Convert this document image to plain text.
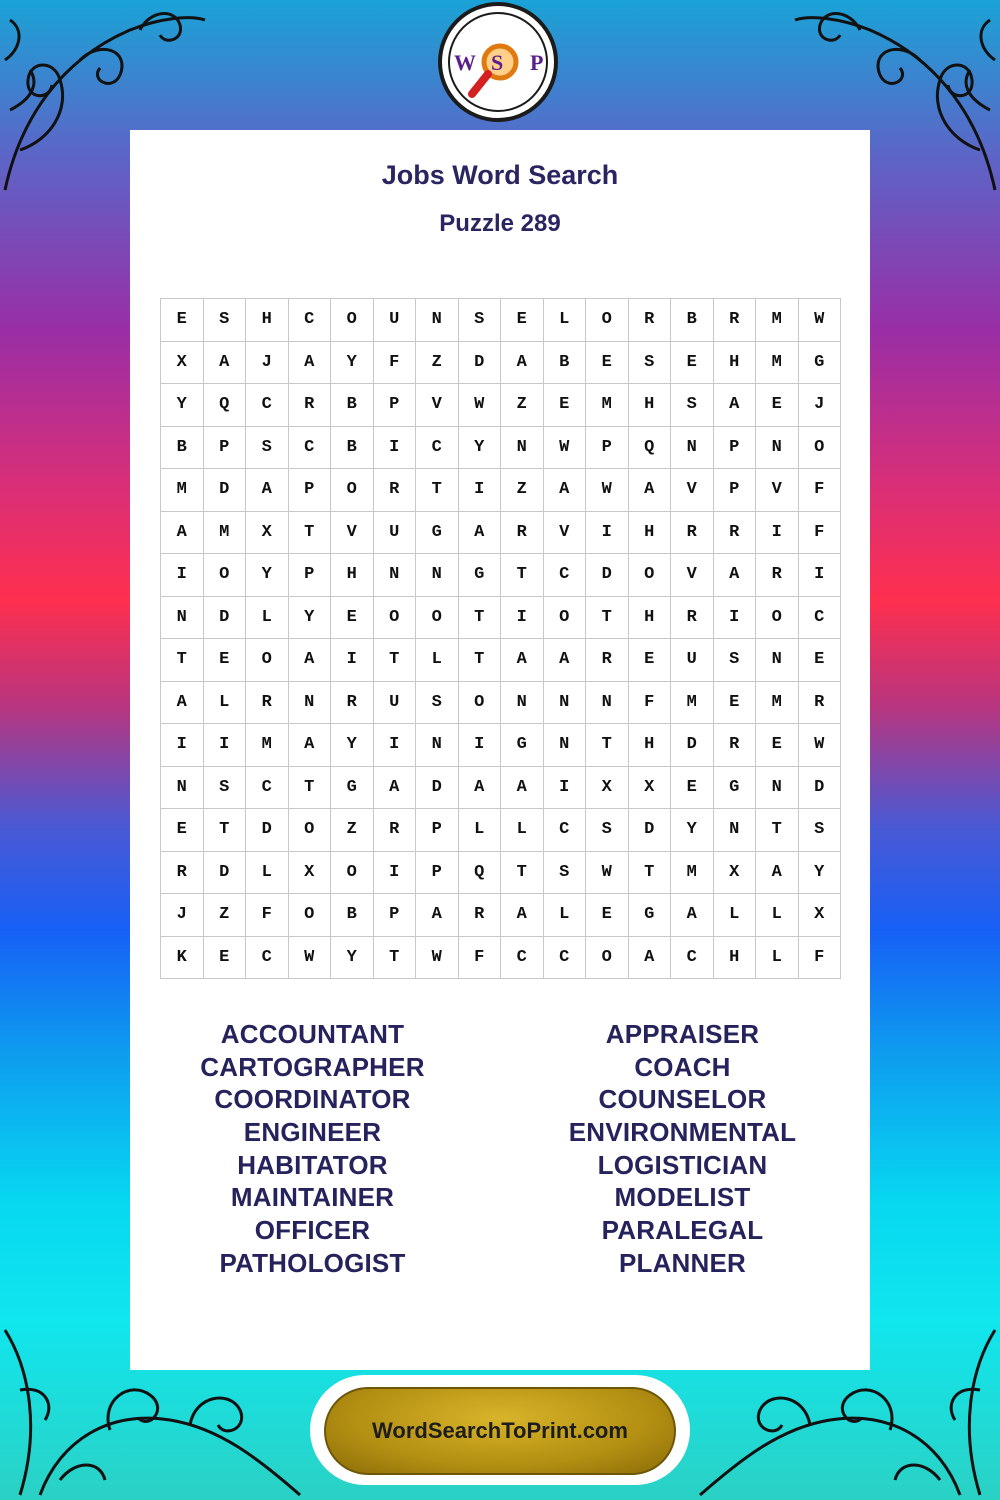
Jobs Word Search
Puzzle 289
E	S	H	C	O	U	N	S	E	L	O	R	B	R	M	W
X	A	J	A	Y	F	Z	D	A	B	E	S	E	H	M	G
Y	Q	C	R	B	P	V	W	Z	E	M	H	S	A	E	J
B	P	S	C	B	I	C	Y	N	W	P	Q	N	P	N	O
M	D	A	P	O	R	T	I	Z	A	W	A	V	P	V	F
A	M	X	T	V	U	G	A	R	V	I	H	R	R	I	F
I	O	Y	P	H	N	N	G	T	C	D	O	V	A	R	I
N	D	L	Y	E	O	O	T	I	O	T	H	R	I	O	C
T	E	O	A	I	T	L	T	A	A	R	E	U	S	N	E
A	L	R	N	R	U	S	O	N	N	N	F	M	E	M	R
I	I	M	A	Y	I	N	I	G	N	T	H	D	R	E	W
N	S	C	T	G	A	D	A	A	I	X	X	E	G	N	D
E	T	D	O	Z	R	P	L	L	C	S	D	Y	N	T	S
R	D	L	X	O	I	P	Q	T	S	W	T	M	X	A	Y
J	Z	F	O	B	P	A	R	A	L	E	G	A	L	L	X
K	E	C	W	Y	T	W	F	C	C	O	A	C	H	L	F
ACCOUNTANT
CARTOGRAPHER
COORDINATOR
ENGINEER
HABITATOR
MAINTAINER
OFFICER
PATHOLOGIST
APPRAISER
COACH
COUNSELOR
ENVIRONMENTAL
LOGISTICIAN
MODELIST
PARALEGAL
PLANNER
W S P
WordSearchToPrint.com
